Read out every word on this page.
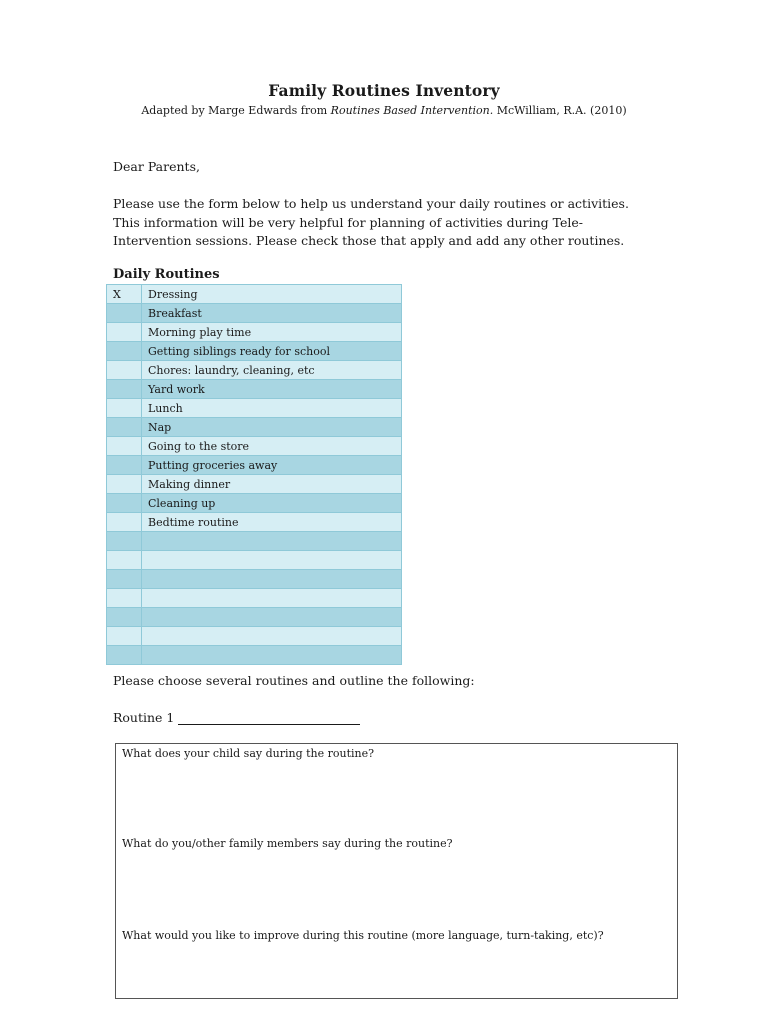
Family Routines Inventory
Adapted by Marge Edwards from Routines Based Intervention. McWilliam, R.A. (2010)
Dear Parents,
Please use the form below to help us understand your daily routines or activities. This information will be very helpful for planning of activities during Tele-Intervention sessions. Please check those that apply and add any other routines.
Daily Routines
X	Dressing
	Breakfast
	Morning play time
	Getting siblings ready for school
	Chores: laundry, cleaning, etc
	Yard work
	Lunch
	Nap
	Going to the store
	Putting groceries away
	Making dinner
	Cleaning up
	Bedtime routine

Please choose several routines and outline the following:
Routine 1
What does your child say during the routine?
What do you/other family members say during the routine?
What would you like to improve during this routine (more language, turn-taking, etc)?
